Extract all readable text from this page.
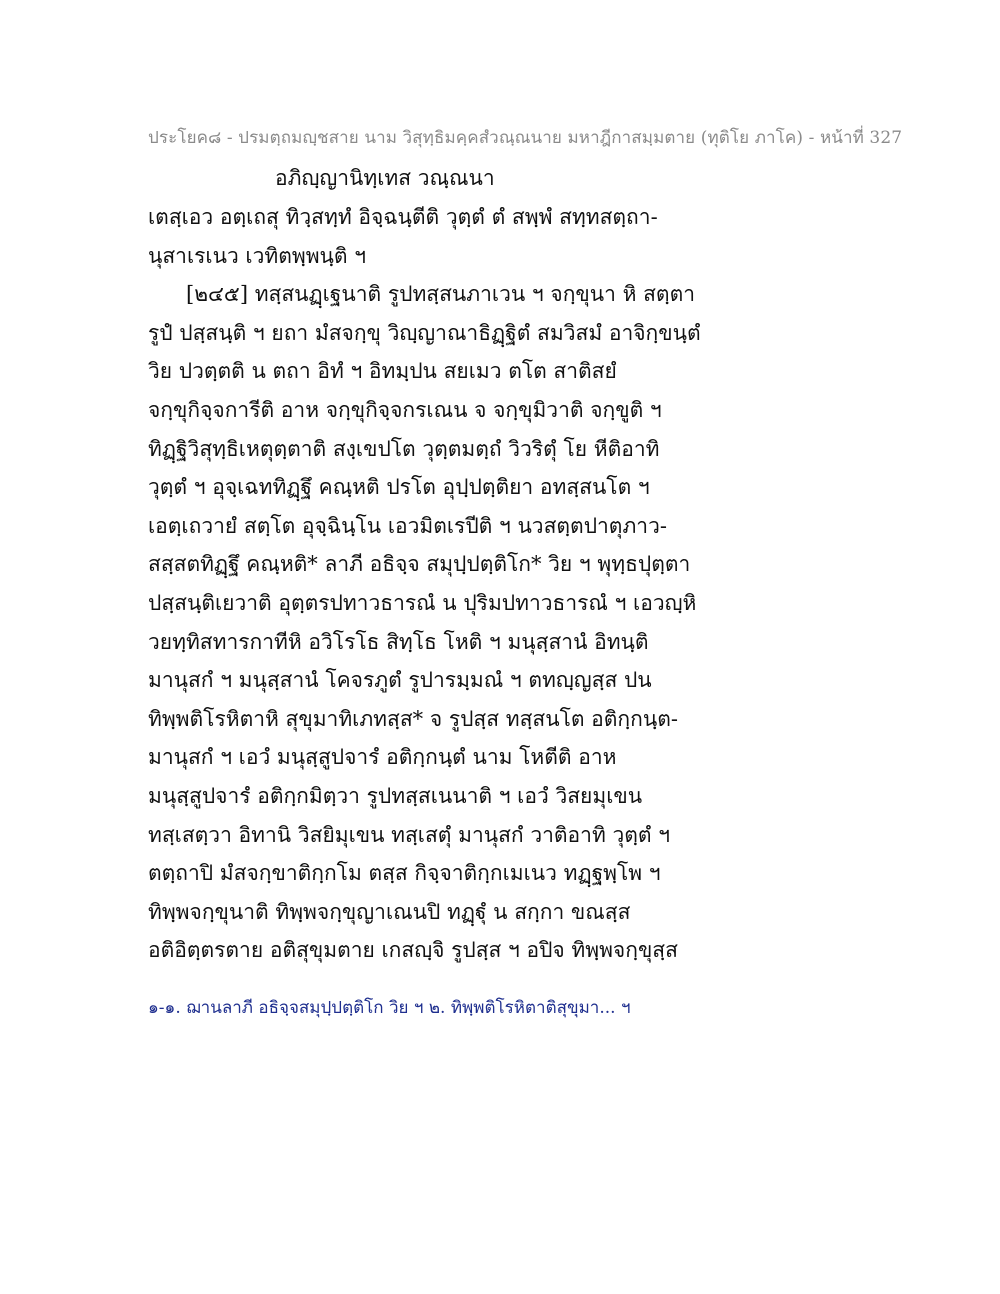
ประโยค๘ - ปรมตฺถมญฺชสาย นาม วิสุทฺธิมคฺคสํวณฺณนาย มหาฎีกาสมฺมตาย (ทุติโย ภาโค) - หน้าที่ 327
อภิญฺญานิทฺเทส วณฺณนา
เตสฺเอว อตฺเถสุ ทิวฺสทฺทํ อิจฺฉนฺตีติ วุตฺตํ ตํ สพฺพํ สทฺทสตฺถา-
นุสาเรเนว เวทิตพฺพนฺติ ฯ
[๒๔๕] ทสฺสนฏฺเฐนาติ รูปทสฺสนภาเวน ฯ จกฺขุนา หิ สตฺตา
รูปํ ปสฺสนฺติ ฯ ยถา มํสจกฺขุ วิญฺญาณาธิฏฺฐิตํ สมวิสมํ อาจิกฺขนฺตํ
วิย ปวตฺตติ น ตถา อิทํ ฯ อิทมฺปน สยเมว ตโต สาติสยํ
จกฺขุกิจฺจการีติ อาห จกฺขุกิจฺจกรเณน จ จกฺขุมิวาติ จกฺขูติ ฯ
ทิฏฺฐิวิสุทฺธิเหตุตฺตาติ สงฺเขปโต วุตฺตมตฺถํ วิวริตุํ โย หีติอาทิ
วุตฺตํ ฯ อุจฺเฉททิฏฺฐึ คณฺหติ ปรโต อุปฺปตฺติยา อทสฺสนโต ฯ
เอตฺเถวายํ สตฺโต อุจฺฉินฺโน เอวมิตเรปีติ ฯ นวสตฺตปาตุภาว-
สสฺสตทิฏฺฐึ คณฺหติ* ลาภี อธิจฺจ สมุปฺปตฺติโก* วิย ฯ พุทฺธปุตฺตา
ปสฺสนฺติเยวาติ อุตฺตรปทาวธารณํ น ปุริมปทาวธารณํ ฯ เอวญฺหิ
วยทฺทิสทารกาทีหิ อวิโรโธ สิทฺโธ โหติ ฯ มนุสฺสานํ อิทนฺติ
มานุสกํ ฯ มนุสฺสานํ โคจรภูตํ รูปารมฺมณํ ฯ ตทญฺญสฺส ปน
ทิพฺพติโรหิตาหิ สุขุมาทิเภทสฺส* จ รูปสฺส ทสฺสนโต อติกฺกนฺต-
มานุสกํ ฯ เอวํ มนุสฺสูปจารํ อติกฺกนฺตํ นาม โหตีติ อาห
มนุสฺสูปจารํ อติกฺกมิตฺวา รูปทสฺสเนนาติ ฯ เอวํ วิสยมุเขน
ทสฺเสตฺวา อิทานิ วิสยิมุเขน ทสฺเสตุํ มานุสกํ วาติอาทิ วุตฺตํ ฯ
ตตฺถาปิ มํสจกฺขาติกฺกโม ตสฺส กิจฺจาติกฺกเมเนว ทฏฺฐพฺโพ ฯ
ทิพฺพจกฺขุนาติ ทิพฺพจกฺขุญาเณนปิ ทฏฺฐุํ น สกฺกา ขณสฺส
อติอิตฺตรตาย อติสุขุมตาย เกสญฺจิ รูปสฺส ฯ อปิจ ทิพฺพจกฺขุสฺส
๑-๑. ฌานลาภี อธิจฺจสมุปฺปตฺติโก วิย ฯ ๒. ทิพฺพติโรหิตาติสุขุมา... ฯ
